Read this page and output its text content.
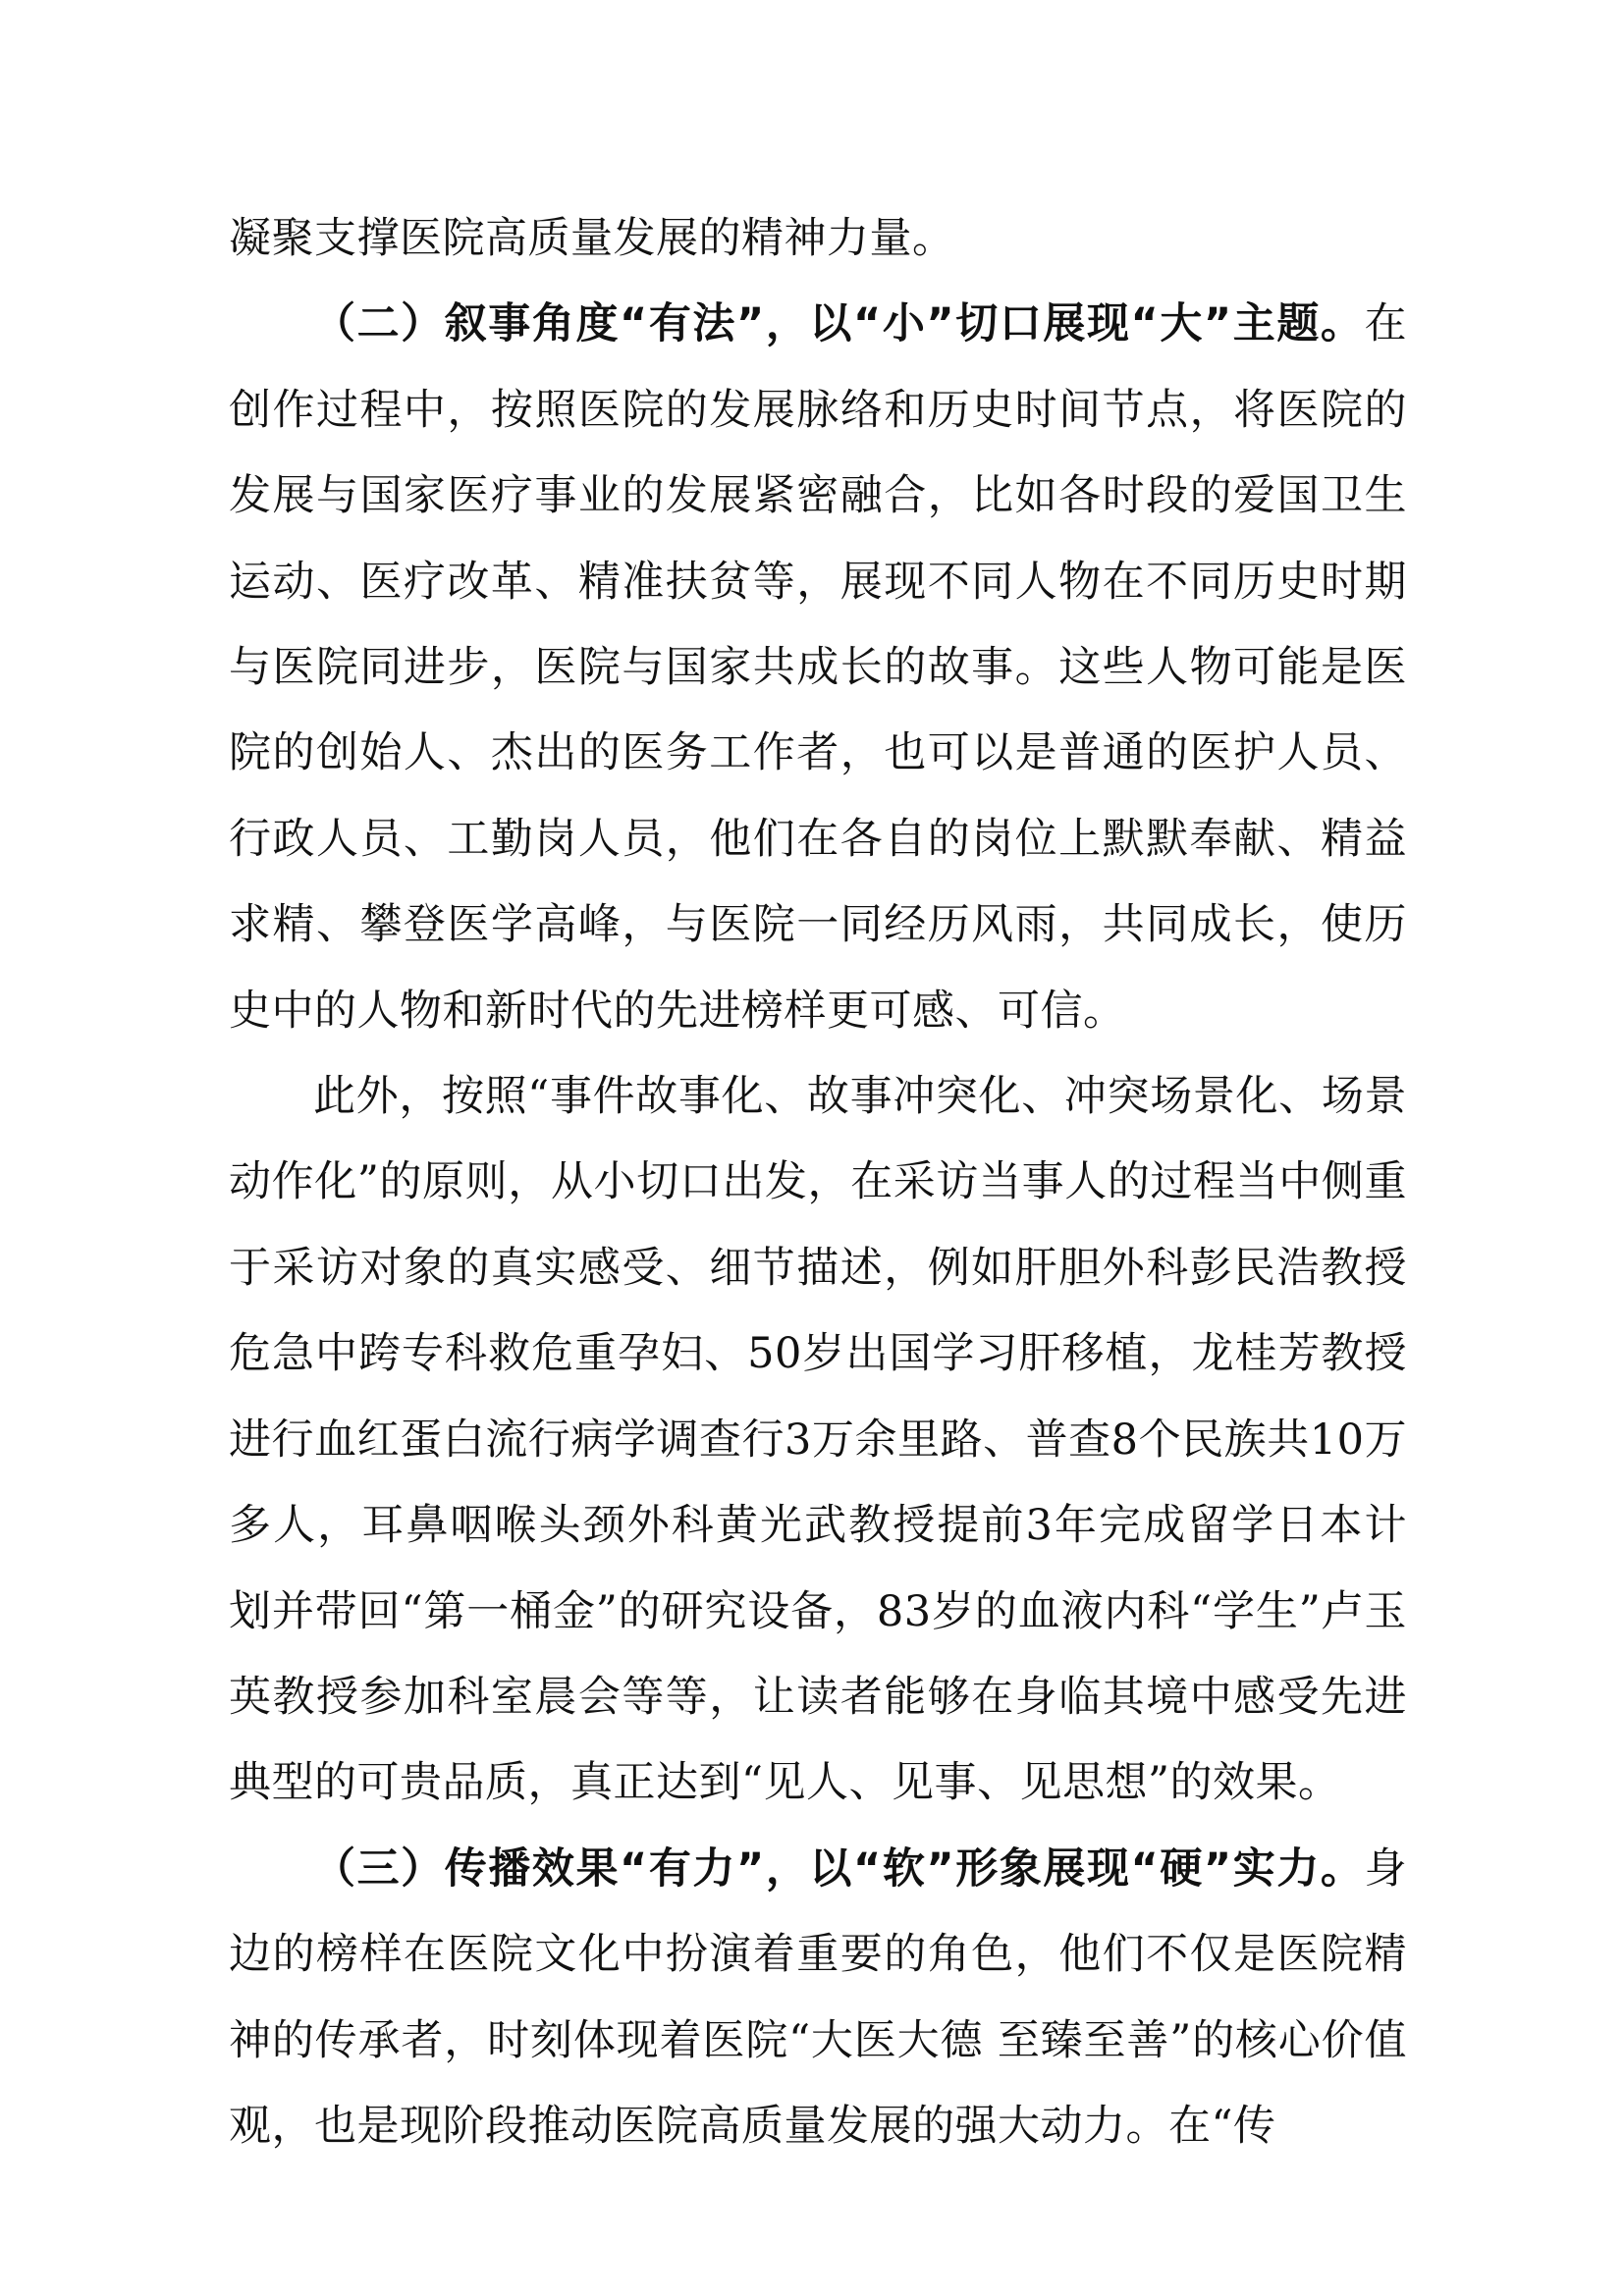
凝聚支撑医院高质量发展的精神力量。

（二）叙事角度“有法”，以“小”切口展现“大”主题。在创作过程中，按照医院的发展脉络和历史时间节点，将医院的发展与国家医疗事业的发展紧密融合，比如各时段的爱国卫生运动、医疗改革、精准扶贫等，展现不同人物在不同历史时期与医院同进步，医院与国家共成长的故事。这些人物可能是医院的创始人、杰出的医务工作者，也可以是普通的医护人员、行政人员、工勤岗人员，他们在各自的岗位上默默奉献、精益求精、攀登医学高峰，与医院一同经历风雨，共同成长，使历史中的人物和新时代的先进榜样更可感、可信。

此外，按照“事件故事化、故事冲突化、冲突场景化、场景动作化”的原则，从小切口出发，在采访当事人的过程当中侧重于采访对象的真实感受、细节描述，例如肝胆外科彭民浩教授危急中跨专科救危重孕妇、50岁出国学习肝移植，龙桂芳教授进行血红蛋白流行病学调查行3万余里路、普查8个民族共10万多人，耳鼻咽喉头颈外科黄光武教授提前3年完成留学日本计划并带回“第一桶金”的研究设备，83岁的血液内科“学生”卢玉英教授参加科室晨会等等，让读者能够在身临其境中感受先进典型的可贵品质，真正达到“见人、见事、见思想”的效果。

（三）传播效果“有力”，以“软”形象展现“硬”实力。身边的榜样在医院文化中扮演着重要的角色，他们不仅是医院精神的传承者，时刻体现着医院“大医大德 至臻至善”的核心价值观，也是现阶段推动医院高质量发展的强大动力。在“传
